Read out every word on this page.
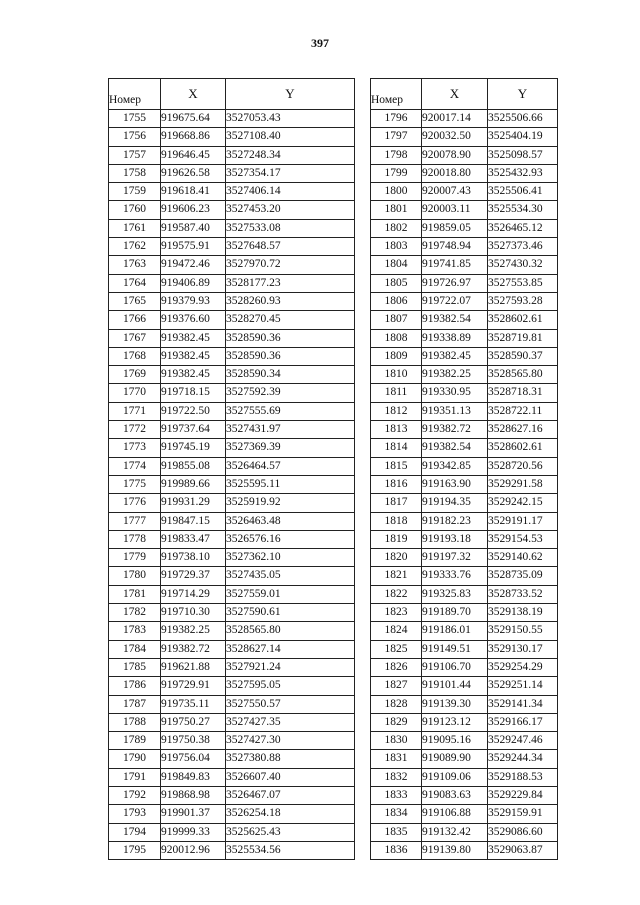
397
Номер	X	Y
1755	919675.64	3527053.43
1756	919668.86	3527108.40
1757	919646.45	3527248.34
1758	919626.58	3527354.17
1759	919618.41	3527406.14
1760	919606.23	3527453.20
1761	919587.40	3527533.08
1762	919575.91	3527648.57
1763	919472.46	3527970.72
1764	919406.89	3528177.23
1765	919379.93	3528260.93
1766	919376.60	3528270.45
1767	919382.45	3528590.36
1768	919382.45	3528590.36
1769	919382.45	3528590.34
1770	919718.15	3527592.39
1771	919722.50	3527555.69
1772	919737.64	3527431.97
1773	919745.19	3527369.39
1774	919855.08	3526464.57
1775	919989.66	3525595.11
1776	919931.29	3525919.92
1777	919847.15	3526463.48
1778	919833.47	3526576.16
1779	919738.10	3527362.10
1780	919729.37	3527435.05
1781	919714.29	3527559.01
1782	919710.30	3527590.61
1783	919382.25	3528565.80
1784	919382.72	3528627.14
1785	919621.88	3527921.24
1786	919729.91	3527595.05
1787	919735.11	3527550.57
1788	919750.27	3527427.35
1789	919750.38	3527427.30
1790	919756.04	3527380.88
1791	919849.83	3526607.40
1792	919868.98	3526467.07
1793	919901.37	3526254.18
1794	919999.33	3525625.43
1795	920012.96	3525534.56
Номер	X	Y
1796	920017.14	3525506.66
1797	920032.50	3525404.19
1798	920078.90	3525098.57
1799	920018.80	3525432.93
1800	920007.43	3525506.41
1801	920003.11	3525534.30
1802	919859.05	3526465.12
1803	919748.94	3527373.46
1804	919741.85	3527430.32
1805	919726.97	3527553.85
1806	919722.07	3527593.28
1807	919382.54	3528602.61
1808	919338.89	3528719.81
1809	919382.45	3528590.37
1810	919382.25	3528565.80
1811	919330.95	3528718.31
1812	919351.13	3528722.11
1813	919382.72	3528627.16
1814	919382.54	3528602.61
1815	919342.85	3528720.56
1816	919163.90	3529291.58
1817	919194.35	3529242.15
1818	919182.23	3529191.17
1819	919193.18	3529154.53
1820	919197.32	3529140.62
1821	919333.76	3528735.09
1822	919325.83	3528733.52
1823	919189.70	3529138.19
1824	919186.01	3529150.55
1825	919149.51	3529130.17
1826	919106.70	3529254.29
1827	919101.44	3529251.14
1828	919139.30	3529141.34
1829	919123.12	3529166.17
1830	919095.16	3529247.46
1831	919089.90	3529244.34
1832	919109.06	3529188.53
1833	919083.63	3529229.84
1834	919106.88	3529159.91
1835	919132.42	3529086.60
1836	919139.80	3529063.87
